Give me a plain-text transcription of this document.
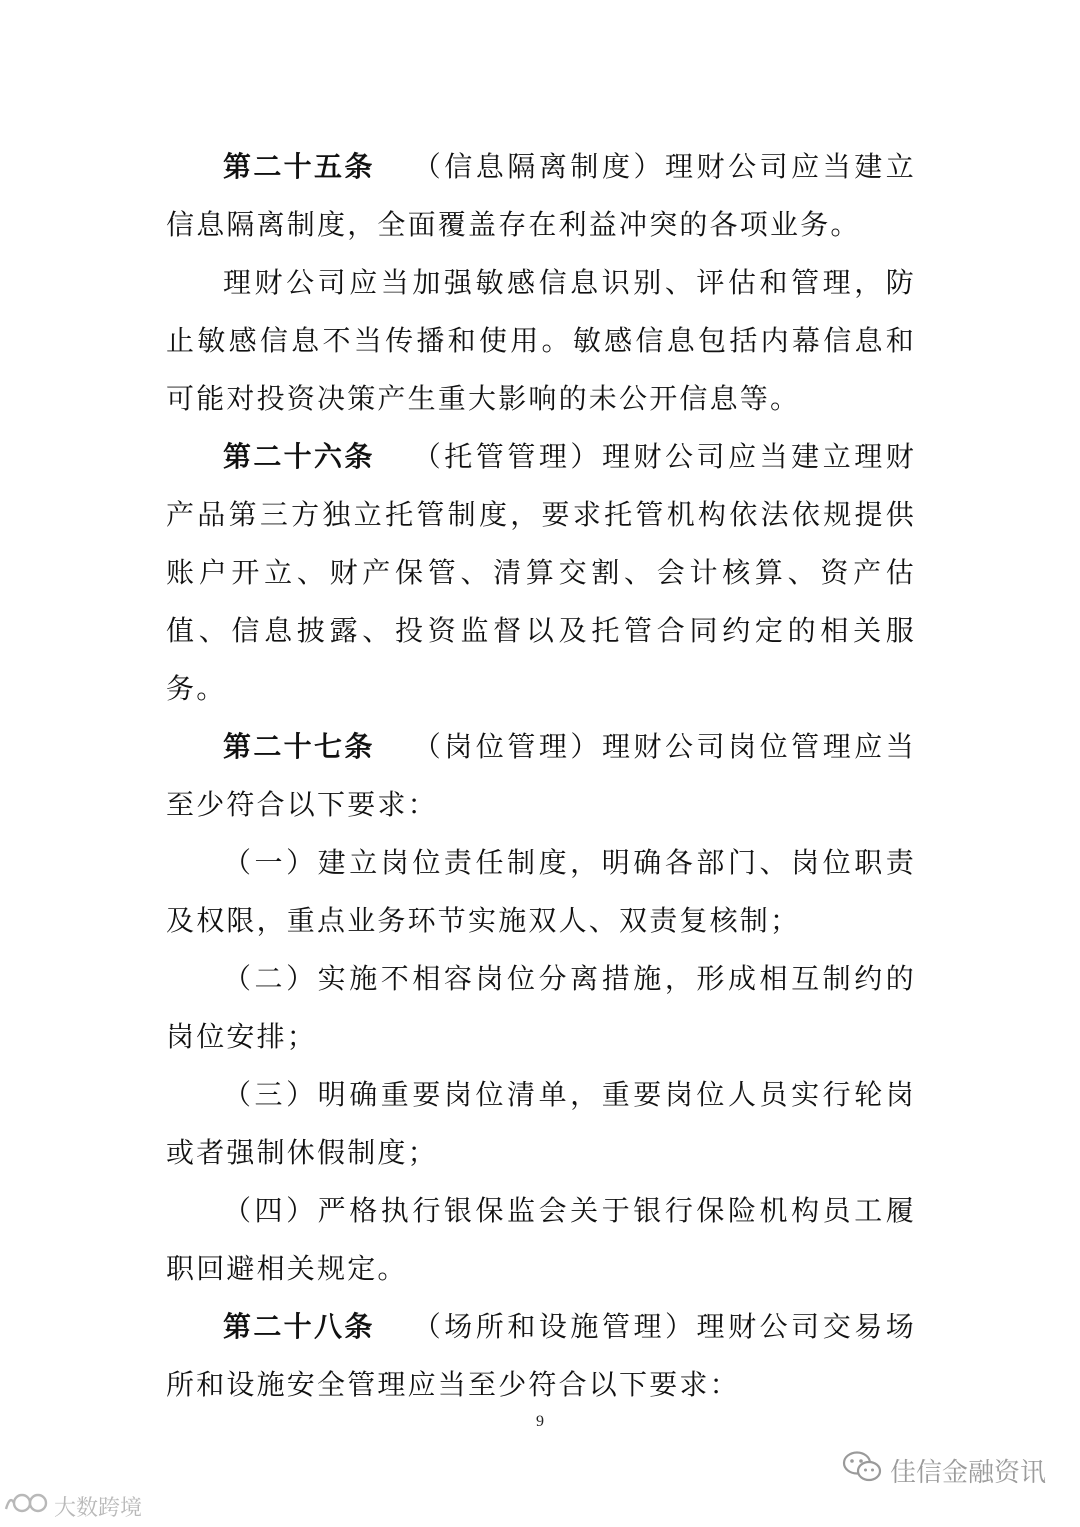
第二十五条 （信息隔离制度）理财公司应当建立信息隔离制度，全面覆盖存在利益冲突的各项业务。

理财公司应当加强敏感信息识别、评估和管理，防止敏感信息不当传播和使用。敏感信息包括内幕信息和可能对投资决策产生重大影响的未公开信息等。

第二十六条 （托管管理）理财公司应当建立理财产品第三方独立托管制度，要求托管机构依法依规提供账户开立、财产保管、清算交割、会计核算、资产估值、信息披露、投资监督以及托管合同约定的相关服务。

第二十七条 （岗位管理）理财公司岗位管理应当至少符合以下要求：

（一）建立岗位责任制度，明确各部门、岗位职责及权限，重点业务环节实施双人、双责复核制；

（二）实施不相容岗位分离措施，形成相互制约的岗位安排；

（三）明确重要岗位清单，重要岗位人员实行轮岗或者强制休假制度；

（四）严格执行银保监会关于银行保险机构员工履职回避相关规定。

第二十八条 （场所和设施管理）理财公司交易场所和设施安全管理应当至少符合以下要求：

9
佳信金融资讯
大数跨境
